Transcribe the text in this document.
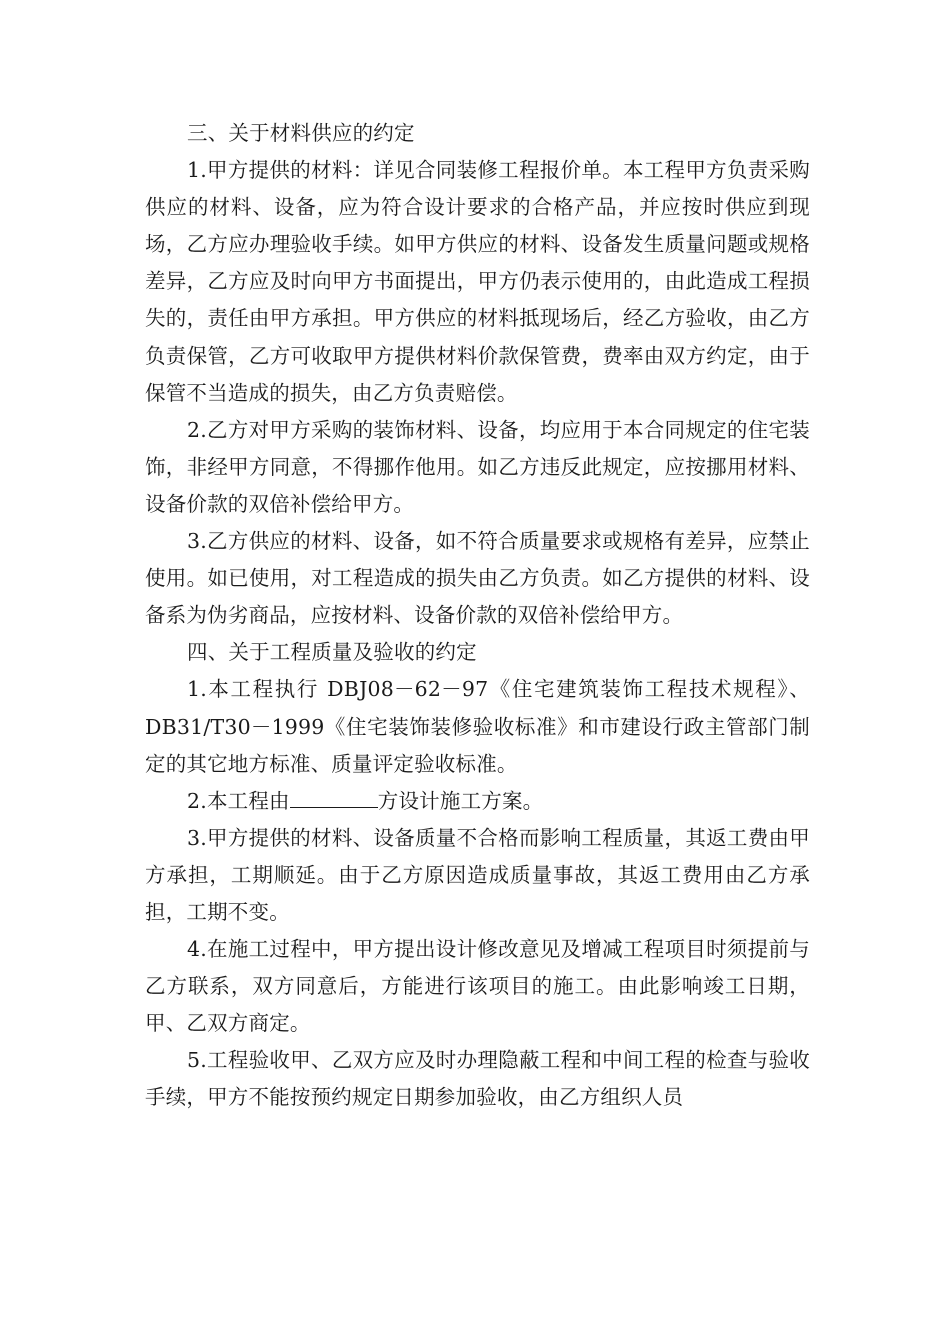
三、关于材料供应的约定

1.甲方提供的材料：详见合同装修工程报价单。本工程甲方负责采购供应的材料、设备，应为符合设计要求的合格产品，并应按时供应到现场，乙方应办理验收手续。如甲方供应的材料、设备发生质量问题或规格差异，乙方应及时向甲方书面提出，甲方仍表示使用的，由此造成工程损失的，责任由甲方承担。甲方供应的材料抵现场后，经乙方验收，由乙方负责保管，乙方可收取甲方提供材料价款保管费，费率由双方约定，由于保管不当造成的损失，由乙方负责赔偿。

2.乙方对甲方采购的装饰材料、设备，均应用于本合同规定的住宅装饰，非经甲方同意，不得挪作他用。如乙方违反此规定，应按挪用材料、设备价款的双倍补偿给甲方。

3.乙方供应的材料、设备，如不符合质量要求或规格有差异，应禁止使用。如已使用，对工程造成的损失由乙方负责。如乙方提供的材料、设备系为伪劣商品，应按材料、设备价款的双倍补偿给甲方。

四、关于工程质量及验收的约定

1.本工程执行 DBJ08－62－97《住宅建筑装饰工程技术规程》、DB31/T30－1999《住宅装饰装修验收标准》和市建设行政主管部门制定的其它地方标准、质量评定验收标准。

2.本工程由	方设计施工方案。

3.甲方提供的材料、设备质量不合格而影响工程质量，其返工费由甲方承担，工期顺延。由于乙方原因造成质量事故，其返工费用由乙方承担，工期不变。

4.在施工过程中，甲方提出设计修改意见及增减工程项目时须提前与乙方联系，双方同意后，方能进行该项目的施工。由此影响竣工日期，甲、乙双方商定。

5.工程验收甲、乙双方应及时办理隐蔽工程和中间工程的检查与验收手续，甲方不能按预约规定日期参加验收，由乙方组织人员
